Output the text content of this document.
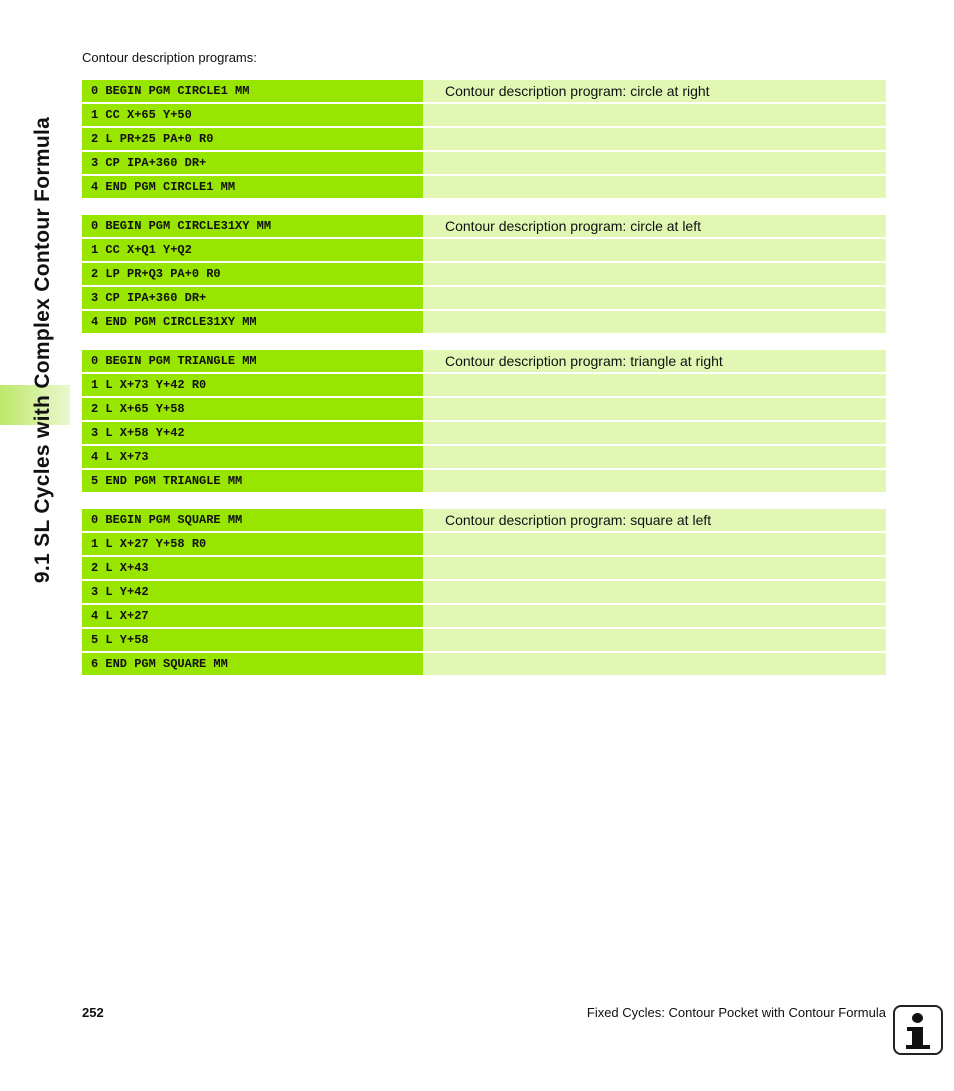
9.1 SL Cycles with Complex Contour Formula
Contour description programs:
0 BEGIN PGM CIRCLE1 MM	Contour description program: circle at right
1 CC X+65 Y+50
2 L PR+25 PA+0 R0
3 CP IPA+360 DR+
4 END PGM CIRCLE1 MM
0 BEGIN PGM CIRCLE31XY MM	Contour description program: circle at left
1 CC X+Q1 Y+Q2
2 LP PR+Q3 PA+0 R0
3 CP IPA+360 DR+
4 END PGM CIRCLE31XY MM
0 BEGIN PGM TRIANGLE MM	Contour description program: triangle at right
1 L X+73 Y+42 R0
2 L X+65 Y+58
3 L X+58 Y+42
4 L X+73
5 END PGM TRIANGLE MM
0 BEGIN PGM SQUARE MM	Contour description program: square at left
1 L X+27 Y+58 R0
2 L X+43
3 L Y+42
4 L X+27
5 L Y+58
6 END PGM SQUARE MM
252	Fixed Cycles: Contour Pocket with Contour Formula
